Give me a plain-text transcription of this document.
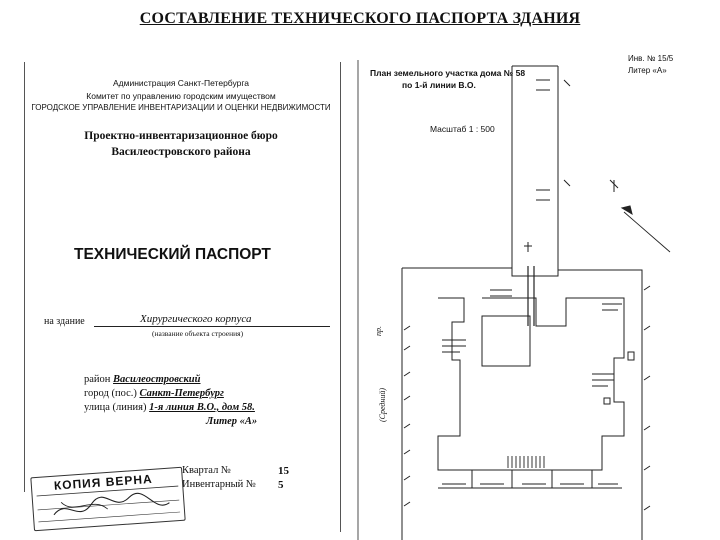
СОСТАВЛЕНИЕ ТЕХНИЧЕСКОГО ПАСПОРТА ЗДАНИЯ
Администрация Санкт-Петербурга
Комитет по управлению городским имуществом
ГОРОДСКОЕ УПРАВЛЕНИЕ ИНВЕНТАРИЗАЦИИ И ОЦЕНКИ НЕДВИЖИМОСТИ
Проектно-инвентаризационное бюро
Василеостровского района
ТЕХНИЧЕСКИЙ ПАСПОРТ
на здание	Хирургического корпуса
(название объекта строения)
район Василеостровский
город (пос.) Санкт-Петербург
улица (линия) 1-я линия В.О., дом 58.
Литер «А»
Квартал №	15
Инвентарный № 5
КОПИЯ ВЕРНА
План земельного участка дома № 58
по 1-й линии В.О.
Инв. № 15/5
Литер «А»
Масштаб 1 : 500
пр.
(Средний)
